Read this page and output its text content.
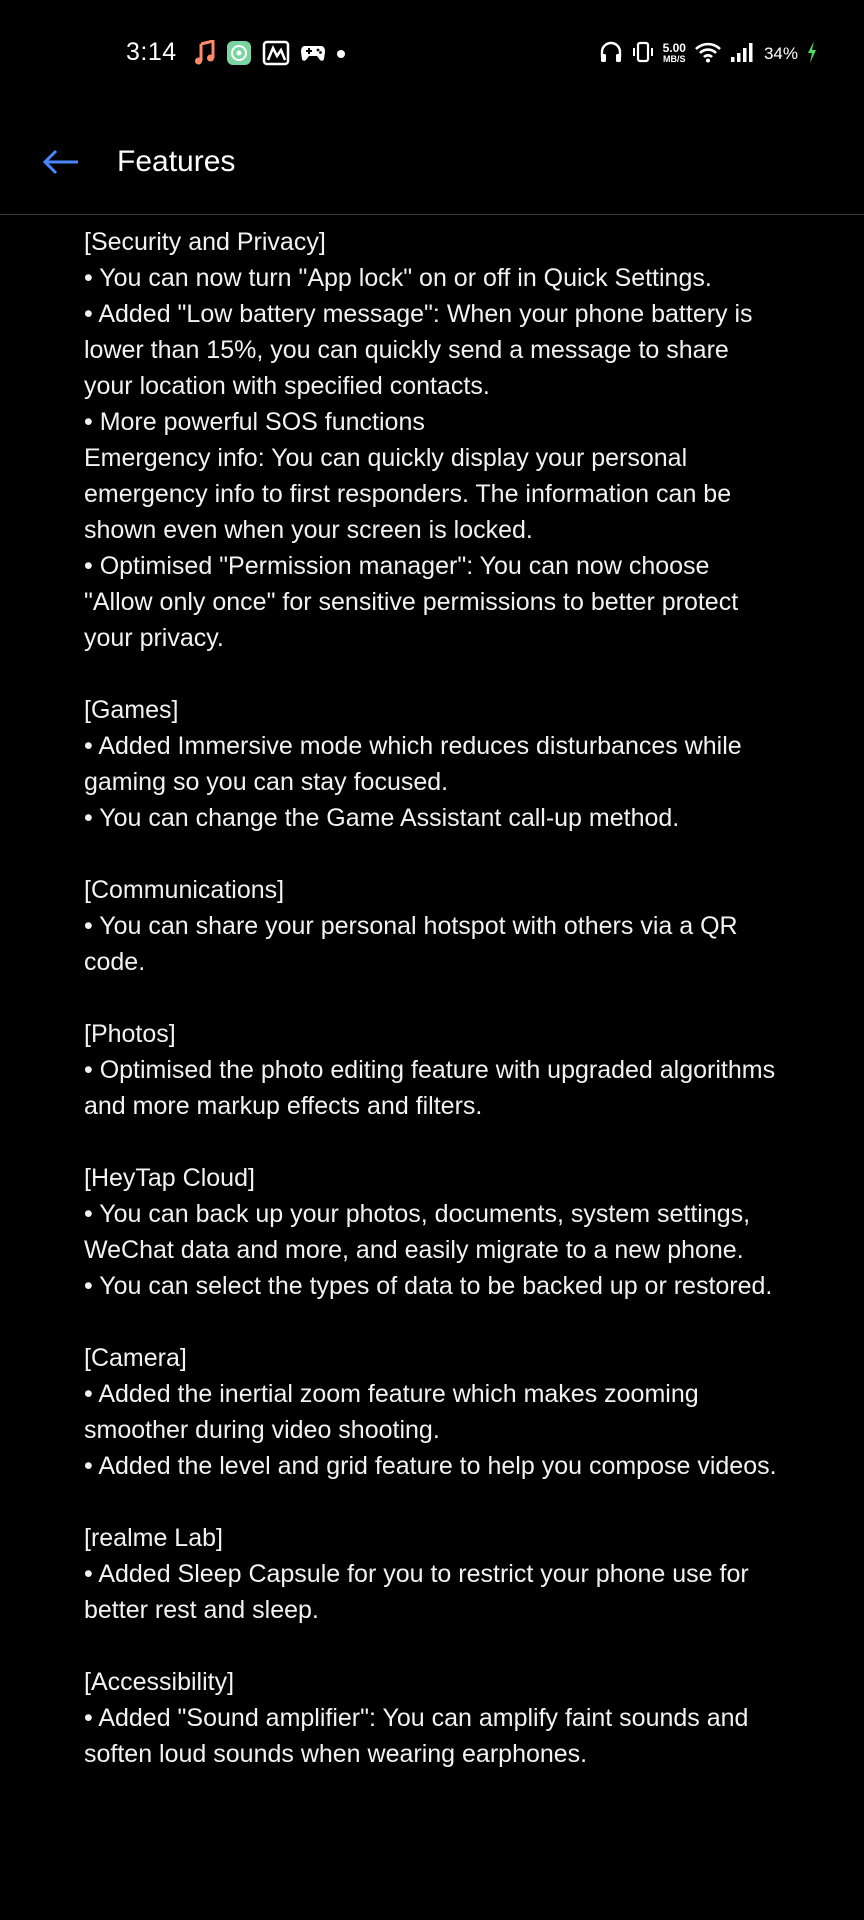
3:14	5.00
MB/S	34%
Features
[Security and Privacy]
• You can now turn "App lock" on or off in Quick Settings.
• Added "Low battery message": When your phone battery is lower than 15%, you can quickly send a message to share your location with specified contacts.
• More powerful SOS functions
Emergency info: You can quickly display your personal emergency info to first responders. The information can be shown even when your screen is locked.
• Optimised "Permission manager": You can now choose "Allow only once" for sensitive permissions to better protect your privacy.
[Games]
• Added Immersive mode which reduces disturbances while gaming so you can stay focused.
• You can change the Game Assistant call-up method.
[Communications]
• You can share your personal hotspot with others via a QR code.
[Photos]
• Optimised the photo editing feature with upgraded algorithms and more markup effects and filters.
[HeyTap Cloud]
• You can back up your photos, documents, system settings, WeChat data and more, and easily migrate to a new phone.
• You can select the types of data to be backed up or restored.
[Camera]
• Added the inertial zoom feature which makes zooming smoother during video shooting.
• Added the level and grid feature to help you compose videos.
[realme Lab]
• Added Sleep Capsule for you to restrict your phone use for better rest and sleep.
[Accessibility]
• Added "Sound amplifier": You can amplify faint sounds and soften loud sounds when wearing earphones.
